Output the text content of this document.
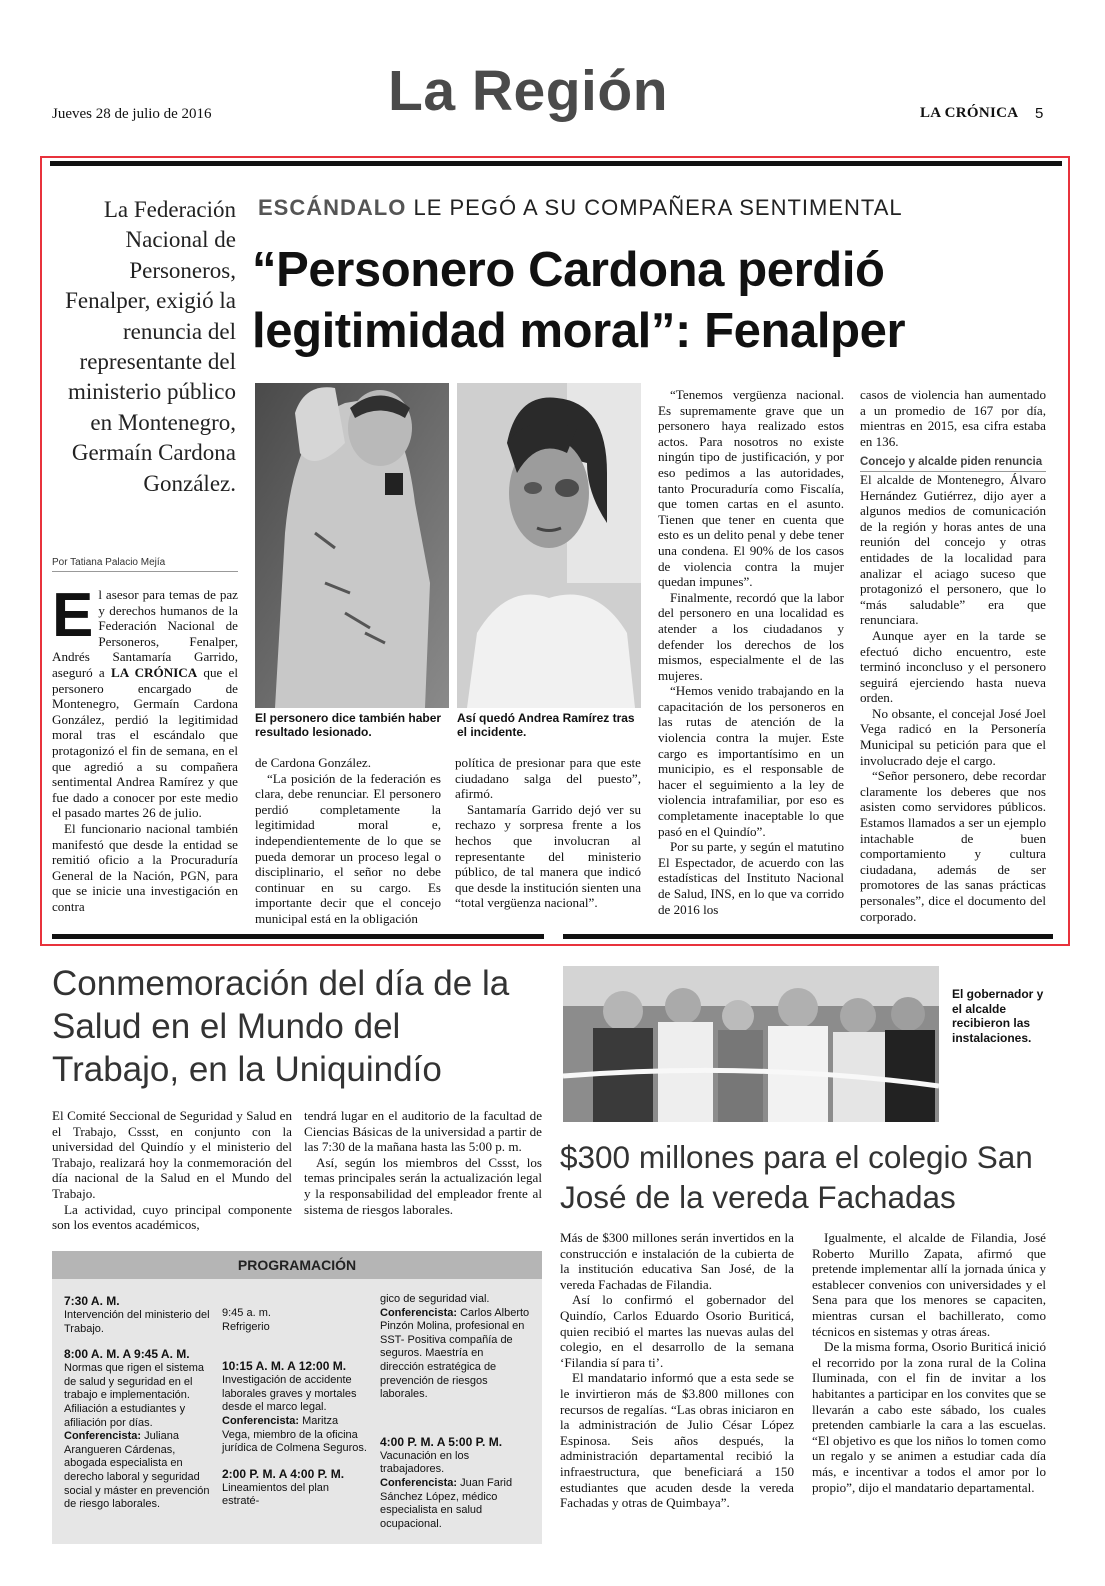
Jueves 28 de julio de 2016	La Región	LA CRÓNICA 5
ESCÁNDALO LE PEGÓ A SU COMPAÑERA SENTIMENTAL
“Personero Cardona perdió
legitimidad moral”: Fenalper
La Federación Nacional de Personeros, Fenalper, exigió la renuncia del representante del ministerio público en Montenegro, Germaín Cardona González.
Por Tatiana Palacio Mejía

El asesor para temas de paz y derechos humanos de la Federación Nacional de Personeros, Fenalper, Andrés Santamaría Garrido, aseguró a LA CRÓNICA que el personero encargado de Montenegro, Germaín Cardona González, perdió la legitimidad moral tras el escándalo que protagonizó el fin de semana, en el que agredió a su compañera sentimental Andrea Ramírez y que fue dado a conocer por este medio el pasado martes 26 de julio.

El funcionario nacional también manifestó que desde la entidad se remitió oficio a la Procuraduría General de la Nación, PGN, para que se inicie una investigación en contra

El personero dice también haber resultado lesionado.
Así quedó Andrea Ramírez tras el incidente.

de Cardona González.

“La posición de la federación es clara, debe renunciar. El personero perdió completamente la legitimidad moral e, independientemente de lo que se pueda demorar un proceso legal o disciplinario, el señor no debe continuar en su cargo. Es importante decir que el concejo municipal está en la obligación

política de presionar para que este ciudadano salga del puesto”, afirmó.

Santamaría Garrido dejó ver su rechazo y sorpresa frente a los hechos que involucran al representante del ministerio público, de tal manera que indicó que desde la institución sienten una “total vergüenza nacional”.

“Tenemos vergüenza nacional. Es supremamente grave que un personero haya realizado estos actos. Para nosotros no existe ningún tipo de justificación, y por eso pedimos a las autoridades, tanto Procuraduría como Fiscalía, que tomen cartas en el asunto. Tienen que tener en cuenta que esto es un delito penal y debe tener una condena. El 90% de los casos de violencia contra la mujer quedan impunes”.

Finalmente, recordó que la labor del personero en una localidad es atender a los ciudadanos y defender los derechos de los mismos, especialmente el de las mujeres.

“Hemos venido trabajando en la capacitación de los personeros en las rutas de atención de la violencia contra la mujer. Este cargo es importantísimo en un municipio, es el responsable de hacer el seguimiento a la ley de violencia intrafamiliar, por eso es completamente inaceptable lo que pasó en el Quindío”.

Por su parte, y según el matutino El Espectador, de acuerdo con las estadísticas del Instituto Nacional de Salud, INS, en lo que va corrido de 2016 los

casos de violencia han aumentado a un promedio de 167 por día, mientras en 2015, esa cifra estaba en 136.

Concejo y alcalde piden renuncia

El alcalde de Montenegro, Álvaro Hernández Gutiérrez, dijo ayer a algunos medios de comunicación de la región y horas antes de una reunión del concejo y otras entidades de la localidad para analizar el aciago suceso que protagonizó el personero, que lo “más saludable” era que renunciara.

Aunque ayer en la tarde se efectuó dicho encuentro, este terminó inconcluso y el personero seguirá ejerciendo hasta nueva orden.

No obsante, el concejal José Joel Vega radicó en la Personería Municipal su petición para que el involucrado deje el cargo.

“Señor personero, debe recordar claramente los deberes que nos asisten como servidores públicos. Estamos llamados a ser un ejemplo intachable de buen comportamiento y cultura ciudadana, además de ser promotores de las sanas prácticas personales”, dice el documento del corporado.

Conmemoración del día de la Salud en el Mundo del Trabajo, en la Uniquindío

El Comité Seccional de Seguridad y Salud en el Trabajo, Cssst, en conjunto con la universidad del Quindío y el ministerio del Trabajo, realizará hoy la conmemoración del día nacional de la Salud en el Mundo del Trabajo.

La actividad, cuyo principal componente son los eventos académicos,

tendrá lugar en el auditorio de la facultad de Ciencias Básicas de la universidad a partir de las 7:30 de la mañana hasta las 5:00 p. m.

Así, según los miembros del Cssst, los temas principales serán la actualización legal y la responsabilidad del empleador frente al sistema de riesgos laborales.

PROGRAMACIÓN
7:30 A. M.
Intervención del ministerio del Trabajo.
8:00 A. M. A 9:45 A. M.
Normas que rigen el sistema de salud y seguridad en el trabajo e implementación. Afiliación a estudiantes y afiliación por días.
Conferencista: Juliana Arangueren Cárdenas, abogada especialista en derecho laboral y seguridad social y máster en prevención de riesgo laborales.
9:45 a. m.
Refrigerio
10:15 A. M. A 12:00 M.
Investigación de accidente laborales graves y mortales desde el marco legal.
Conferencista: Maritza Vega, miembro de la oficina jurídica de Colmena Seguros.
2:00 P. M. A 4:00 P. M.
Lineamientos del plan estraté-
gico de seguridad vial.
Conferencista: Carlos Alberto Pinzón Molina, profesional en SST- Positiva compañía de seguros. Maestría en dirección estratégica de prevención de riesgos laborales.
4:00 P. M. A 5:00 P. M.
Vacunación en los trabajadores.
Conferencista: Juan Farid Sánchez López, médico especialista en salud ocupacional.
El gobernador y el alcalde recibieron las instalaciones.
$300 millones para el colegio San José de la vereda Fachadas

Más de $300 millones serán invertidos en la construcción e instalación de la cubierta de la institución educativa San José, de la vereda Fachadas de Filandia.

Así lo confirmó el gobernador del Quindío, Carlos Eduardo Osorio Buriticá, quien recibió el martes las nuevas aulas del colegio, en el desarrollo de la semana ‘Filandia sí para ti’.

El mandatario informó que a esta sede se le invirtieron más de $3.800 millones con recursos de regalías. “Las obras iniciaron en la administración de Julio César López Espinosa. Seis años después, la administración departamental recibió la infraestructura, que beneficiará a 150 estudiantes que acuden desde la vereda Fachadas y otras de Quimbaya”.

Igualmente, el alcalde de Filandia, José Roberto Murillo Zapata, afirmó que pretende implementar allí la jornada única y establecer convenios con universidades y el Sena para que los menores se capaciten, mientras cursan el bachillerato, como técnicos en sistemas y otras áreas.

De la misma forma, Osorio Buriticá inició el recorrido por la zona rural de la Colina Iluminada, con el fin de invitar a los habitantes a participar en los convites que se llevarán a cabo este sábado, los cuales pretenden cambiarle la cara a las escuelas. “El objetivo es que los niños lo tomen como un regalo y se animen a estudiar cada día más, e incentivar a todos el amor por lo propio”, dijo el mandatario departamental.
